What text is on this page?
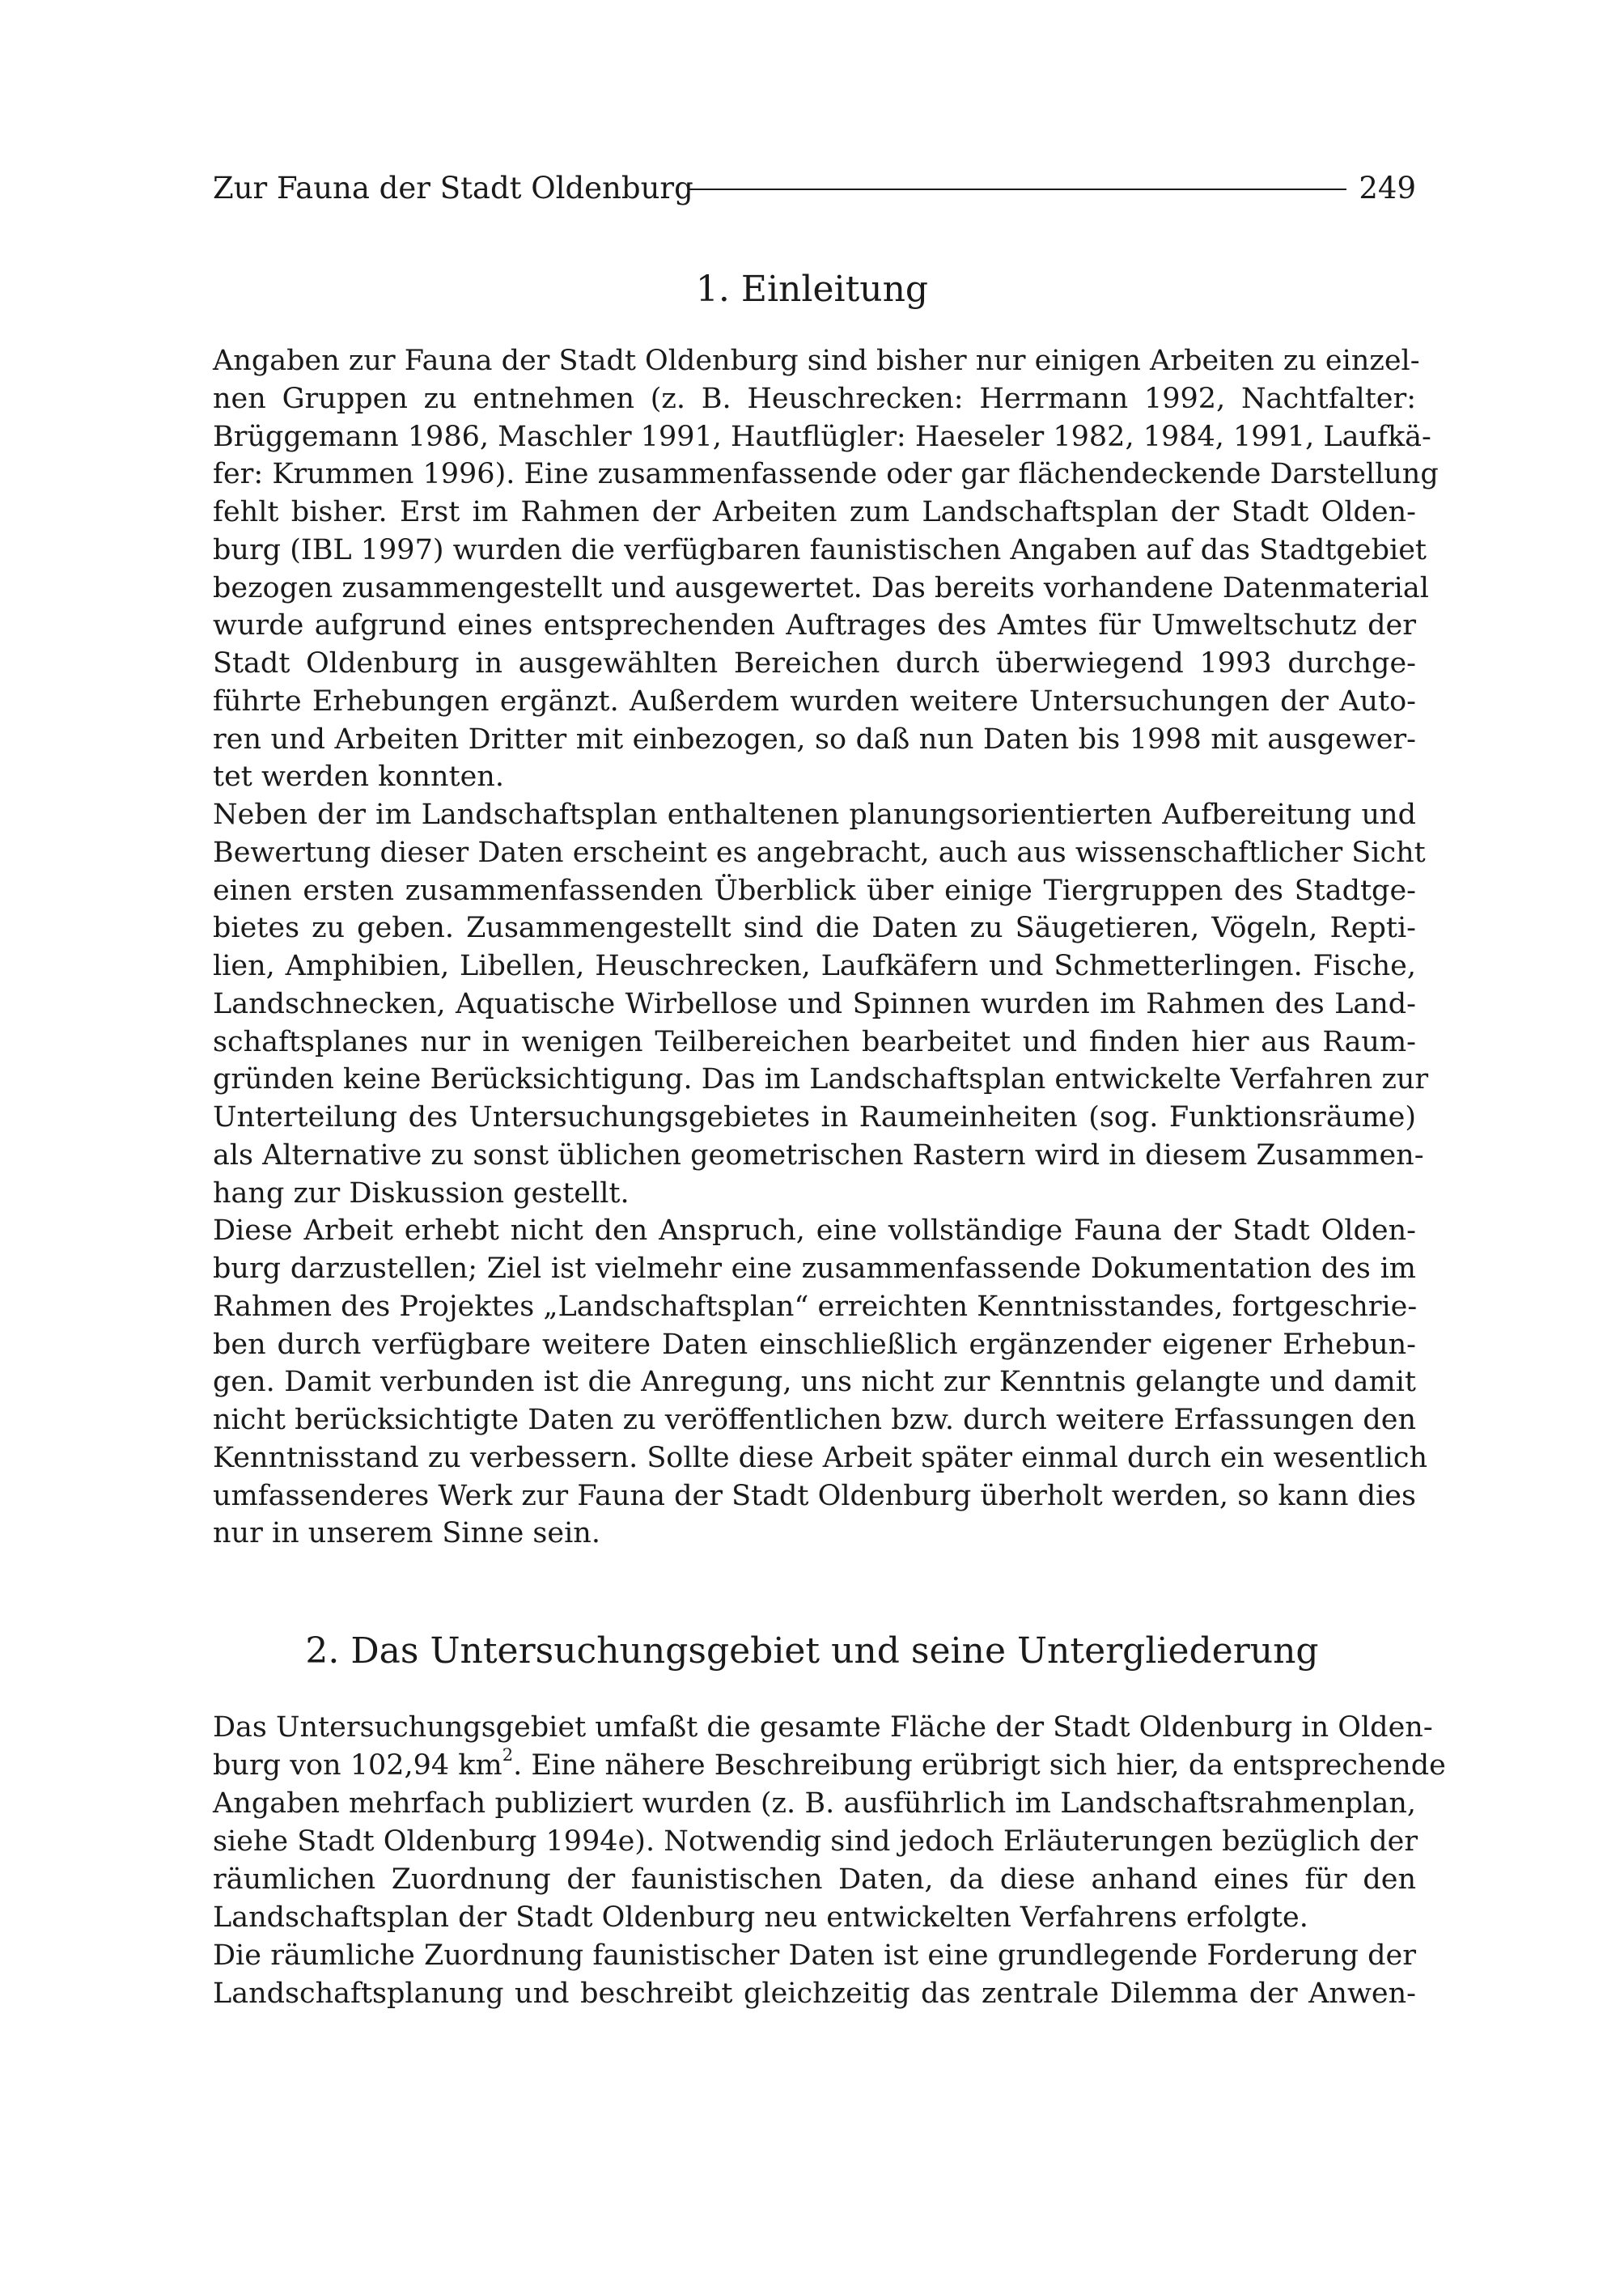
Zur Fauna der Stadt Oldenburg	249
1. Einleitung
Angaben zur Fauna der Stadt Oldenburg sind bisher nur einigen Arbeiten zu einzel-
nen Gruppen zu entnehmen (z. B. Heuschrecken: Herrmann 1992, Nachtfalter:
Brüggemann 1986, Maschler 1991, Hautflügler: Haeseler 1982, 1984, 1991, Laufkä-
fer: Krummen 1996). Eine zusammenfassende oder gar flächendeckende Darstellung
fehlt bisher. Erst im Rahmen der Arbeiten zum Landschaftsplan der Stadt Olden-
burg (IBL 1997) wurden die verfügbaren faunistischen Angaben auf das Stadtgebiet
bezogen zusammengestellt und ausgewertet. Das bereits vorhandene Datenmaterial
wurde aufgrund eines entsprechenden Auftrages des Amtes für Umweltschutz der
Stadt Oldenburg in ausgewählten Bereichen durch überwiegend 1993 durchge-
führte Erhebungen ergänzt. Außerdem wurden weitere Untersuchungen der Auto-
ren und Arbeiten Dritter mit einbezogen, so daß nun Daten bis 1998 mit ausgewer-
tet werden konnten.
Neben der im Landschaftsplan enthaltenen planungsorientierten Aufbereitung und
Bewertung dieser Daten erscheint es angebracht, auch aus wissenschaftlicher Sicht
einen ersten zusammenfassenden Überblick über einige Tiergruppen des Stadtge-
bietes zu geben. Zusammengestellt sind die Daten zu Säugetieren, Vögeln, Repti-
lien, Amphibien, Libellen, Heuschrecken, Laufkäfern und Schmetterlingen. Fische,
Landschnecken, Aquatische Wirbellose und Spinnen wurden im Rahmen des Land-
schaftsplanes nur in wenigen Teilbereichen bearbeitet und finden hier aus Raum-
gründen keine Berücksichtigung. Das im Landschaftsplan entwickelte Verfahren zur
Unterteilung des Untersuchungsgebietes in Raumeinheiten (sog. Funktionsräume)
als Alternative zu sonst üblichen geometrischen Rastern wird in diesem Zusammen-
hang zur Diskussion gestellt.
Diese Arbeit erhebt nicht den Anspruch, eine vollständige Fauna der Stadt Olden-
burg darzustellen; Ziel ist vielmehr eine zusammenfassende Dokumentation des im
Rahmen des Projektes „Landschaftsplan“ erreichten Kenntnisstandes, fortgeschrie-
ben durch verfügbare weitere Daten einschließlich ergänzender eigener Erhebun-
gen. Damit verbunden ist die Anregung, uns nicht zur Kenntnis gelangte und damit
nicht berücksichtigte Daten zu veröffentlichen bzw. durch weitere Erfassungen den
Kenntnisstand zu verbessern. Sollte diese Arbeit später einmal durch ein wesentlich
umfassenderes Werk zur Fauna der Stadt Oldenburg überholt werden, so kann dies
nur in unserem Sinne sein.
2. Das Untersuchungsgebiet und seine Untergliederung
Das Untersuchungsgebiet umfaßt die gesamte Fläche der Stadt Oldenburg in Olden-
burg von 102,94 $km^2$. Eine nähere Beschreibung erübrigt sich hier, da entsprechende
Angaben mehrfach publiziert wurden (z. B. ausführlich im Landschaftsrahmenplan,
siehe Stadt Oldenburg 1994e). Notwendig sind jedoch Erläuterungen bezüglich der
räumlichen Zuordnung der faunistischen Daten, da diese anhand eines für den
Landschaftsplan der Stadt Oldenburg neu entwickelten Verfahrens erfolgte.
Die räumliche Zuordnung faunistischer Daten ist eine grundlegende Forderung der
Landschaftsplanung und beschreibt gleichzeitig das zentrale Dilemma der Anwen-
